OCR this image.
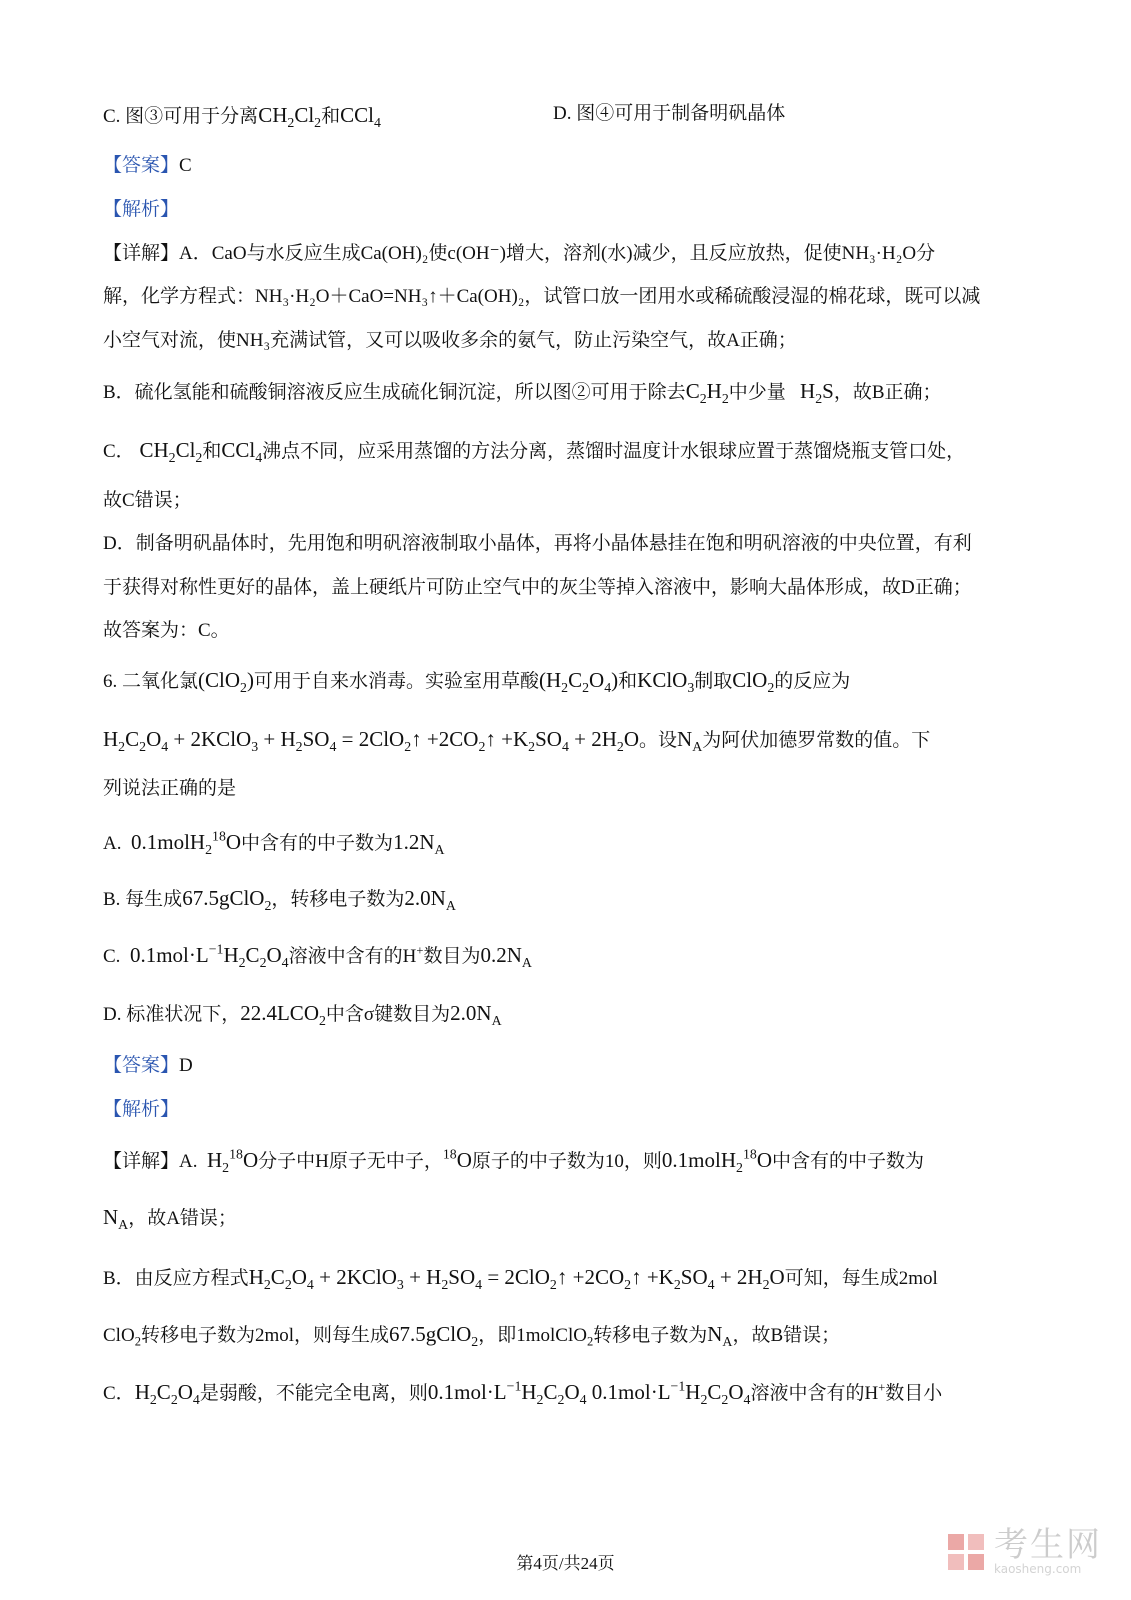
C. 图③可用于分离$CH_2Cl_2$和CCl$_4$	D. 图④可用于制备明矾晶体
【答案】C
【解析】
【详解】A．CaO与水反应生成Ca(OH)₂使c(OH⁻)增大，溶剂(水)减少，且反应放热，促使NH₃·H₂O分
解，化学方程式：NH₃·H₂O＋CaO=NH₃↑＋Ca(OH)₂，试管口放一团用水或稀硫酸浸湿的棉花球，既可以减
小空气对流，使NH₃充满试管，又可以吸收多余的氨气，防止污染空气，故A正确；
B．硫化氢能和硫酸铜溶液反应生成硫化铜沉淀，所以图②可用于除去$C_2H_2$中少量 $H_2S$，故B正确；
C． $CH_2Cl_2$和CCl$_4$沸点不同，应采用蒸馏的方法分离，蒸馏时温度计水银球应置于蒸馏烧瓶支管口处，
故C错误；
D．制备明矾晶体时，先用饱和明矾溶液制取小晶体，再将小晶体悬挂在饱和明矾溶液的中央位置，有利
于获得对称性更好的晶体，盖上硬纸片可防止空气中的灰尘等掉入溶液中，影响大晶体形成，故D正确；
故答案为：C。
6. 二氧化氯(ClO$_2$)可用于自来水消毒。实验室用草酸$(H_2C_2O_4)$和KClO$_3$制取ClO$_2$的反应为
$H_2C_2O_4$ + 2KClO$_3$ + $H_2SO_4$ = 2ClO$_2$↑ $+2CO_2↑ +K_2SO_4 + 2H_2O$。设$N_A$为阿伏加德罗常数的值。下
列说法正确的是
A. 0.1molH$_2^{18}$O中含有的中子数为$1.2N_A$
B. 每生成67.5gClO$_2$，转移电子数为$2.0N_A$
C. $0.1mol\cdot L^{-1}H_2C_2O_4$溶液中含有的H+数目为$0.2N_A$
D. 标准状况下，$22.4LCO_2$中含σ键数目为$2.0N_A$
【答案】D
【解析】
【详解】A. $H_2^{18}O$分子中H原子无中子，$^{18}$O原子的中子数为10，则0.1molH$_2^{18}$O中含有的中子数为
$N_A$，故A错误；
B．由反应方程式$H_2C_2O_4$ + 2KClO$_3$ + $H_2SO_4$ = 2ClO$_2$↑ $+2CO_2↑ +K_2SO_4 + 2H_2O$可知，每生成2mol
ClO$_2$转移电子数为2mol，则每生成67.5gClO$_2$，即1molClO$_2$转移电子数为$N_A$，故B错误；
C．$H_2C_2O_4$是弱酸，不能完全电离，则$0.1mol\cdot L^{-1}H_2C_2O_4$ $0.1mol\cdot L^{-1}H_2C_2O_4$溶液中含有的H+数目小
第4页/共24页	考生网
kaosheng.com
